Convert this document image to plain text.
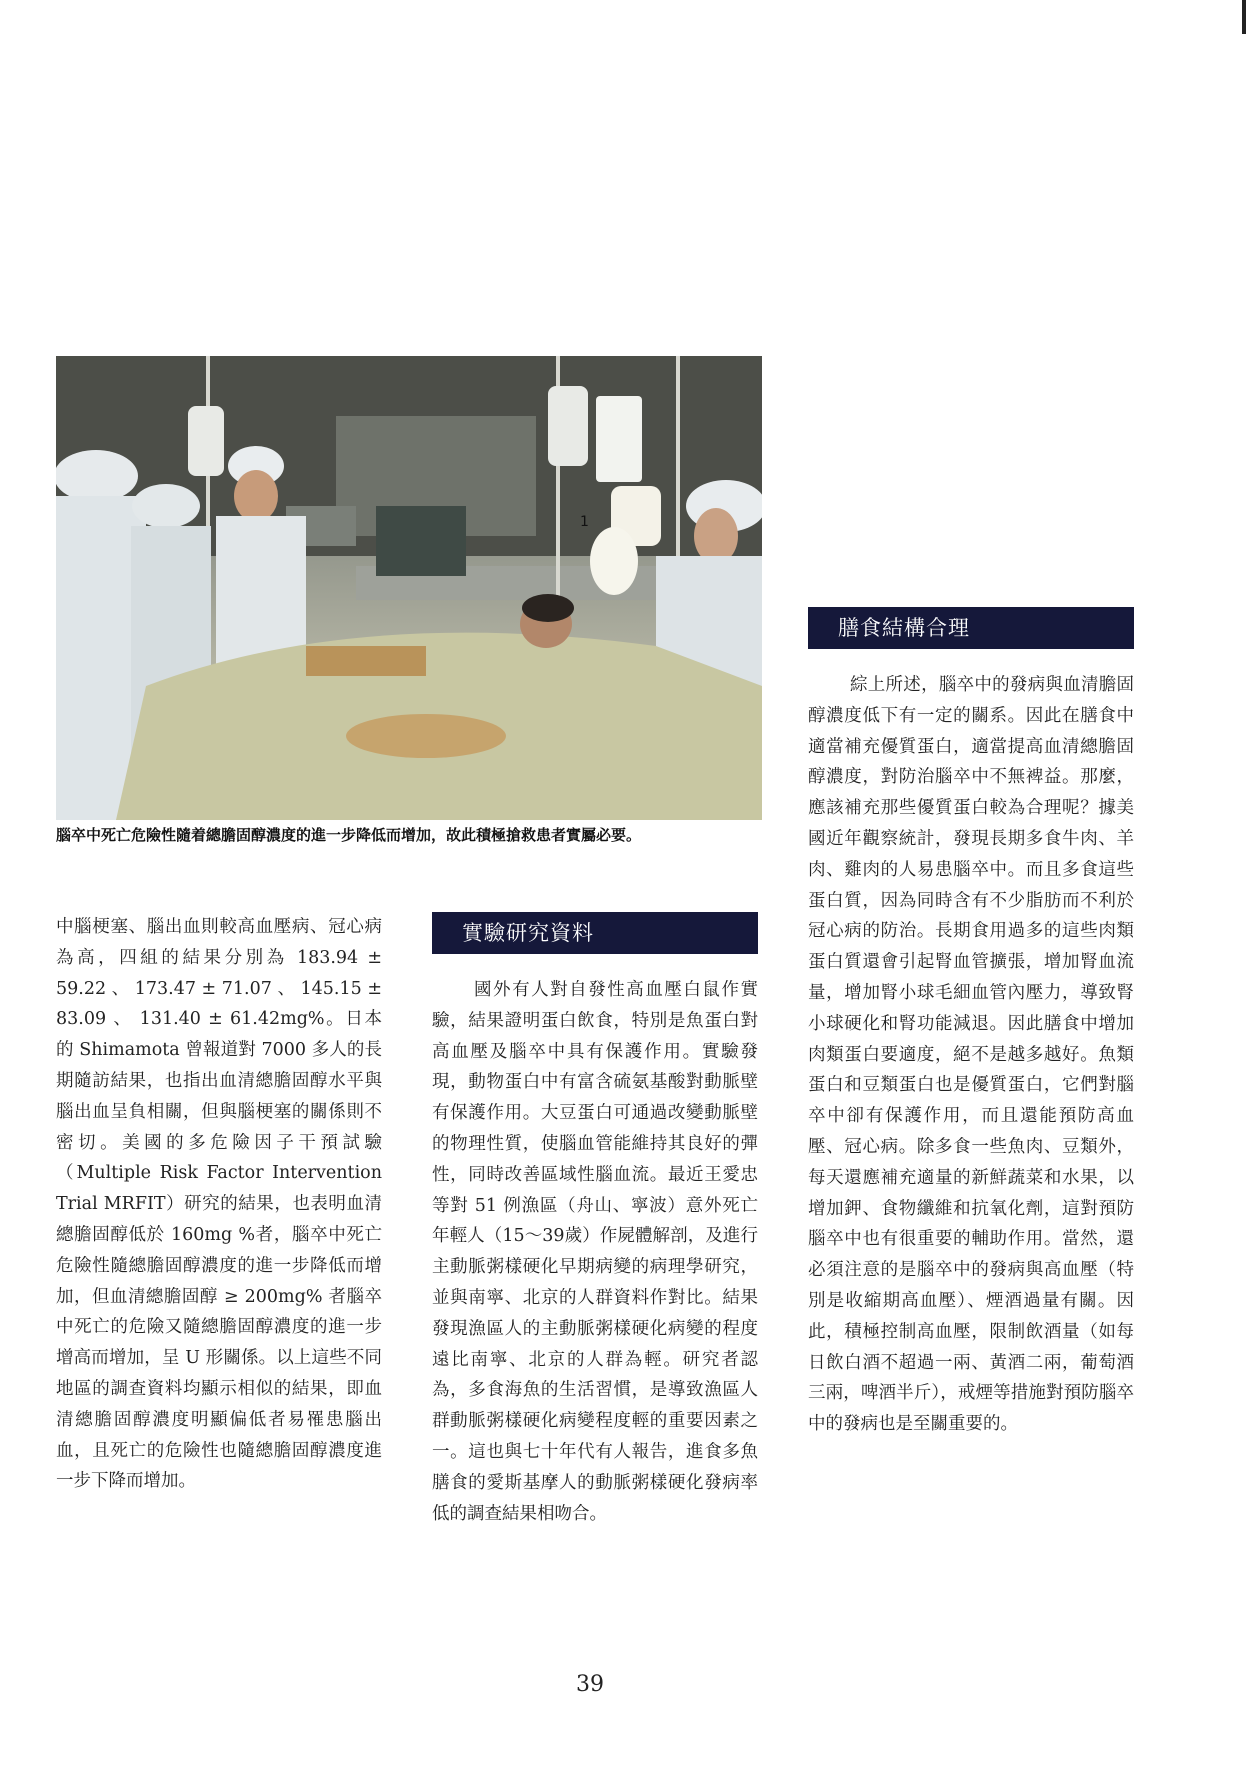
1
腦卒中死亡危險性隨着總膽固醇濃度的進一步降低而增加，故此積極搶救患者實屬必要。

中腦梗塞、腦出血則較高血壓病、冠心病為高，四組的結果分別為 183.94 ± 59.22 、 173.47 ± 71.07 、 145.15 ± 83.09 、 131.40 ± 61.42mg%。日本的 Shimamota 曾報道對 7000 多人的長期隨訪結果，也指出血清總膽固醇水平與腦出血呈負相關，但與腦梗塞的關係則不密切。美國的多危險因子干預試驗（Multiple Risk Factor Intervention Trial MRFIT）研究的結果，也表明血清總膽固醇低於 160mg %者，腦卒中死亡危險性隨總膽固醇濃度的進一步降低而增加，但血清總膽固醇 ≥ 200mg% 者腦卒中死亡的危險又隨總膽固醇濃度的進一步增高而增加，呈 U 形關係。以上這些不同地區的調查資料均顯示相似的結果，即血清總膽固醇濃度明顯偏低者易罹患腦出血，且死亡的危險性也隨總膽固醇濃度進一步下降而增加。

實驗研究資料

國外有人對自發性高血壓白鼠作實驗，結果證明蛋白飲食，特別是魚蛋白對高血壓及腦卒中具有保護作用。實驗發現，動物蛋白中有富含硫氨基酸對動脈壁有保護作用。大豆蛋白可通過改變動脈壁的物理性質，使腦血管能維持其良好的彈性，同時改善區域性腦血流。最近王愛忠等對 51 例漁區（舟山、寧波）意外死亡年輕人（15～39歲）作屍體解剖，及進行主動脈粥樣硬化早期病變的病理學研究，並與南寧、北京的人群資料作對比。結果發現漁區人的主動脈粥樣硬化病變的程度遠比南寧、北京的人群為輕。研究者認為，多食海魚的生活習慣，是導致漁區人群動脈粥樣硬化病變程度輕的重要因素之一。這也與七十年代有人報告，進食多魚膳食的愛斯基摩人的動脈粥樣硬化發病率低的調查結果相吻合。

膳食結構合理

綜上所述，腦卒中的發病與血清膽固醇濃度低下有一定的關系。因此在膳食中適當補充優質蛋白，適當提高血清總膽固醇濃度，對防治腦卒中不無裨益。那麼，應該補充那些優質蛋白較為合理呢？據美國近年觀察統計，發現長期多食牛肉、羊肉、雞肉的人易患腦卒中。而且多食這些蛋白質，因為同時含有不少脂肪而不利於冠心病的防治。長期食用過多的這些肉類蛋白質還會引起腎血管擴張，增加腎血流量，增加腎小球毛細血管內壓力，導致腎小球硬化和腎功能減退。因此膳食中增加肉類蛋白要適度，絕不是越多越好。魚類蛋白和豆類蛋白也是優質蛋白，它們對腦卒中卻有保護作用，而且還能預防高血壓、冠心病。除多食一些魚肉、豆類外，每天還應補充適量的新鮮蔬菜和水果，以增加鉀、食物纖維和抗氧化劑，這對預防腦卒中也有很重要的輔助作用。當然，還必須注意的是腦卒中的發病與高血壓（特別是收縮期高血壓）、煙酒過量有關。因此，積極控制高血壓，限制飲酒量（如每日飲白酒不超過一兩、黃酒二兩，葡萄酒三兩，啤酒半斤），戒煙等措施對預防腦卒中的發病也是至關重要的。

39
